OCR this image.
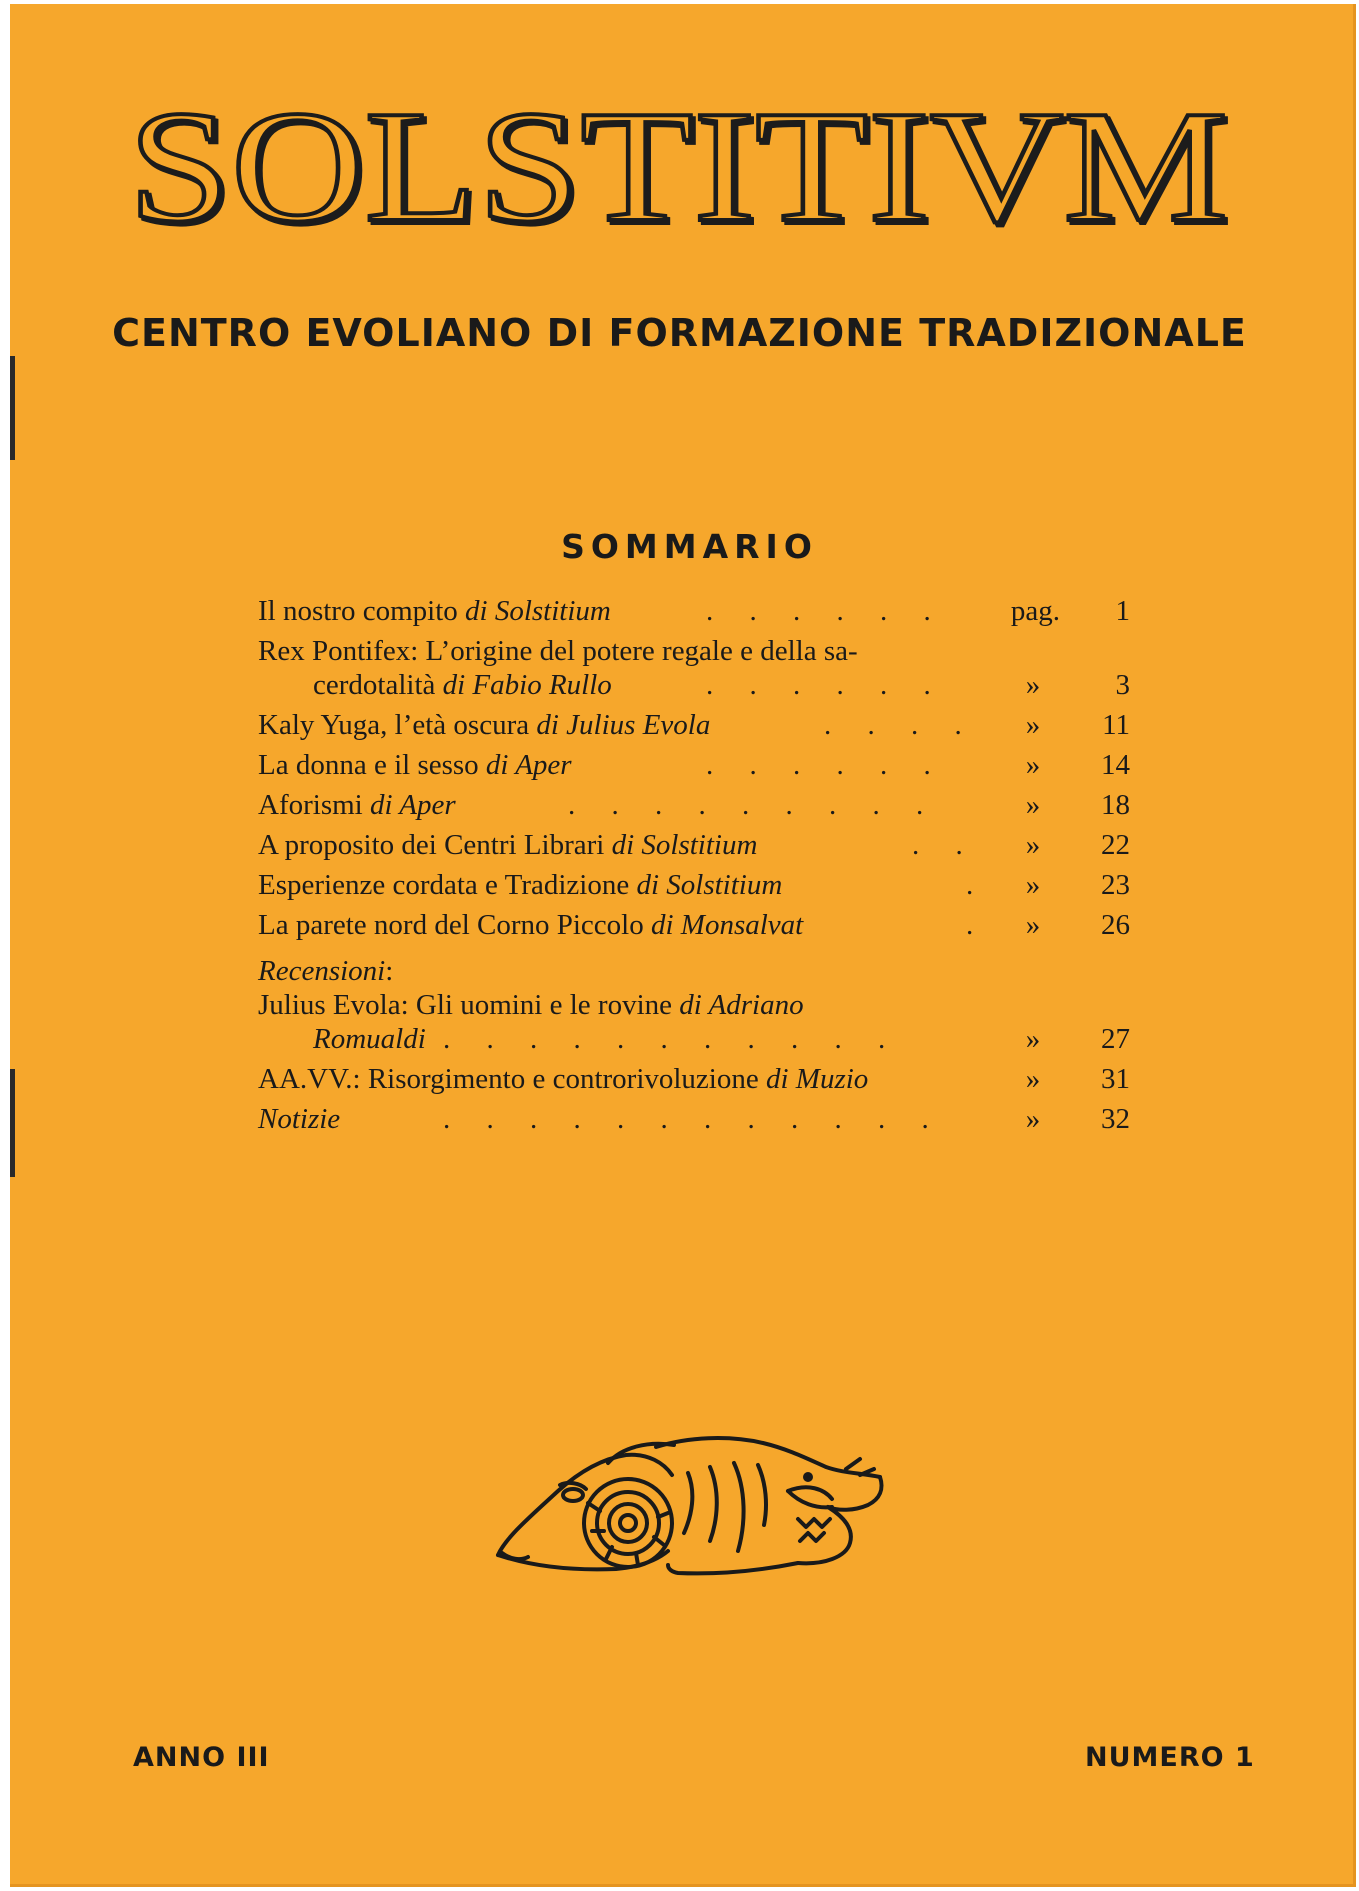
SOLSTITIVM
CENTRO EVOLIANO DI FORMAZIONE TRADIZIONALE
SOMMARIO
Il nostro compito di Solstitium	.     .     .     .     .     .	pag. 1
Rex Pontifex: L’origine del potere regale e della sa-
cerdotalità di Fabio Rullo	.     .     .     .     .     .	»	3
Kaly Yuga, l’età oscura di Julius Evola	.     .     .     .	»	11
La donna e il sesso di Aper	.     .     .     .     .     .	»	14
Aforismi di Aper	.     .     .     .     .     .     .     .     .	»	18
A proposito dei Centri Librari di Solstitium	.     .	»	22
Esperienze cordata e Tradizione di Solstitium	.	»	23
La parete nord del Corno Piccolo di Monsalvat	.	»	26
Recensioni:
Julius Evola: Gli uomini e le rovine di Adriano
Romualdi .     .     .     .     .     .     .     .     .     .     .	»	27
AA.VV.: Risorgimento e controrivoluzione di Muzio	»	31
Notizie	.     .     .     .     .     .     .     .     .     .     .     .	»	32
ANNO III	NUMERO 1
